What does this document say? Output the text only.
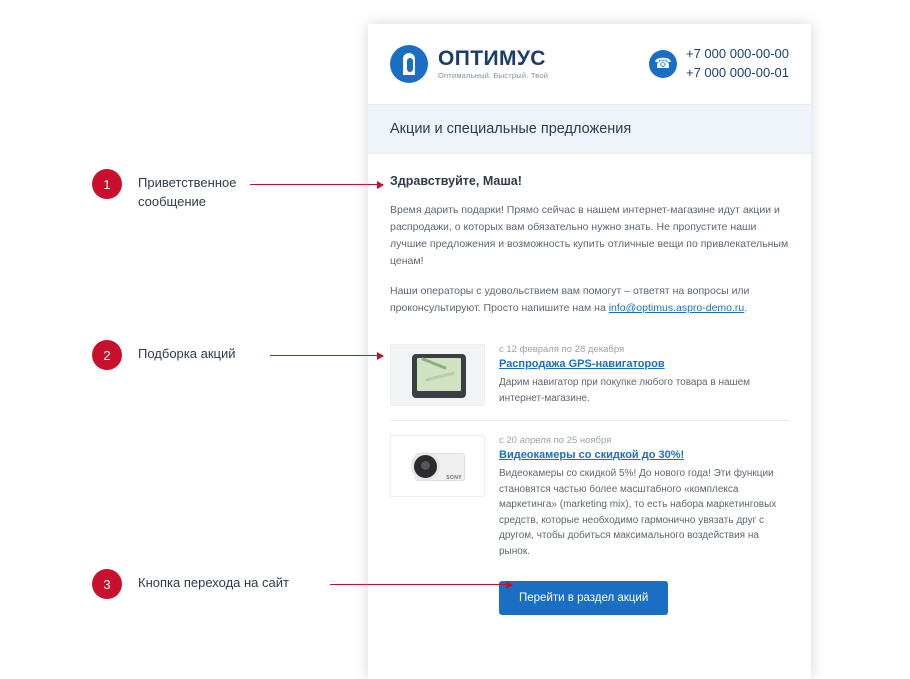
ОПТИМУС
Оптимальный. Быстрый. Твой
☎
+7 000 000-00-00
+7 000 000-00-01
Акции и специальные предложения
Здравствуйте, Маша!
Время дарить подарки! Прямо сейчас в нашем интернет-магазине идут акции и распродажи, о которых вам обязательно нужно знать. Не пропустите наши лучшие предложения и возможность купить отличные вещи по привлекательным ценам!
Наши операторы с удовольствием вам помогут – ответят на вопросы или проконсультируют. Просто напишите нам на info@optimus.aspro-demo.ru.
с 12 февраля по 28 декабря
Распродажа GPS-навигаторов
Дарим навигатор при покупке любого товара в нашем интернет-магазине.
SONY
с 20 апреля по 25 ноября
Видеокамеры со скидкой до 30%!
Видеокамеры со скидкой 5%! До нового года! Эти функции становятся частью более масштабного «комплекса маркетинга» (marketing mix), то есть набора маркетинговых средств, которые необходимо гармонично увязать друг с другом, чтобы добиться максимального воздействия на рынок.
Перейти в раздел акций
1	Приветственное
сообщение
2	Подборка акций
3	Кнопка перехода на сайт
